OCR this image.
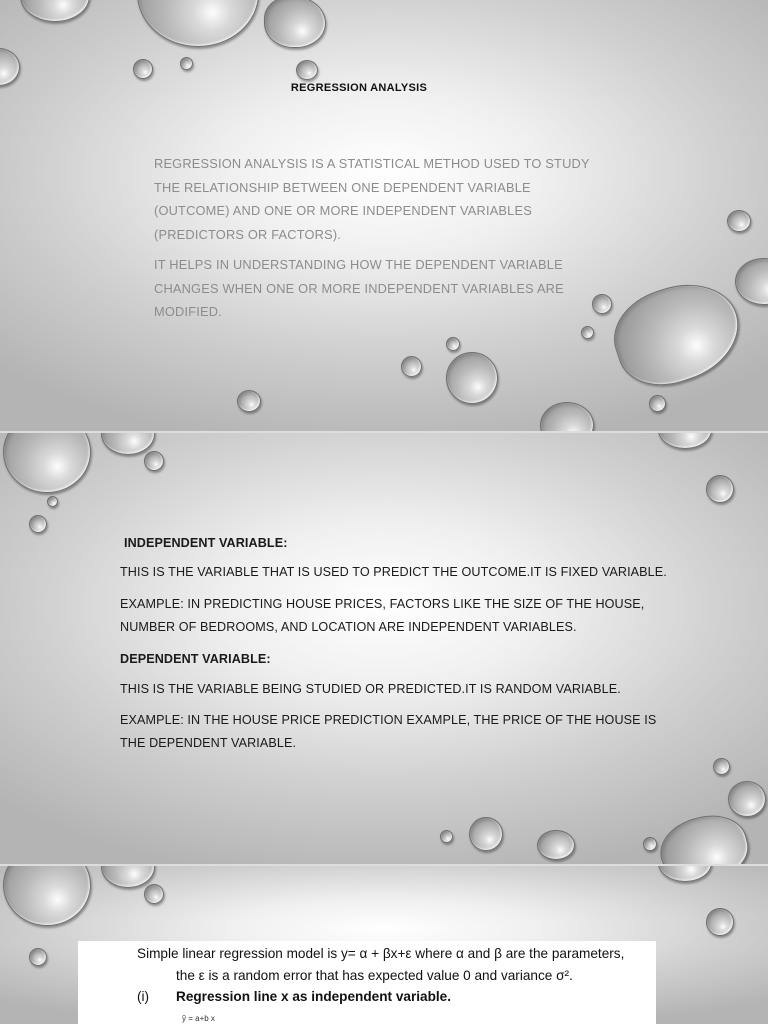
REGRESSION ANALYSIS

REGRESSION ANALYSIS IS A STATISTICAL METHOD USED TO STUDY THE RELATIONSHIP BETWEEN ONE DEPENDENT VARIABLE (OUTCOME) AND ONE OR MORE INDEPENDENT VARIABLES (PREDICTORS OR FACTORS).

IT HELPS IN UNDERSTANDING HOW THE DEPENDENT VARIABLE CHANGES WHEN ONE OR MORE INDEPENDENT VARIABLES ARE MODIFIED.

INDEPENDENT VARIABLE:

THIS IS THE VARIABLE THAT IS USED TO PREDICT THE OUTCOME.IT IS FIXED VARIABLE.

EXAMPLE: IN PREDICTING HOUSE PRICES, FACTORS LIKE THE SIZE OF THE HOUSE, NUMBER OF BEDROOMS, AND LOCATION ARE INDEPENDENT VARIABLES.

DEPENDENT VARIABLE:

THIS IS THE VARIABLE BEING STUDIED OR PREDICTED.IT IS RANDOM VARIABLE.

EXAMPLE: IN THE HOUSE PRICE PREDICTION EXAMPLE, THE PRICE OF THE HOUSE IS THE DEPENDENT VARIABLE.

Simple linear regression model is y= α + βx+ε where α and β are the parameters,
the ε is a random error that has expected value 0 and variance σ².
(i) Regression line x as independent variable.
ŷ = a+b x
